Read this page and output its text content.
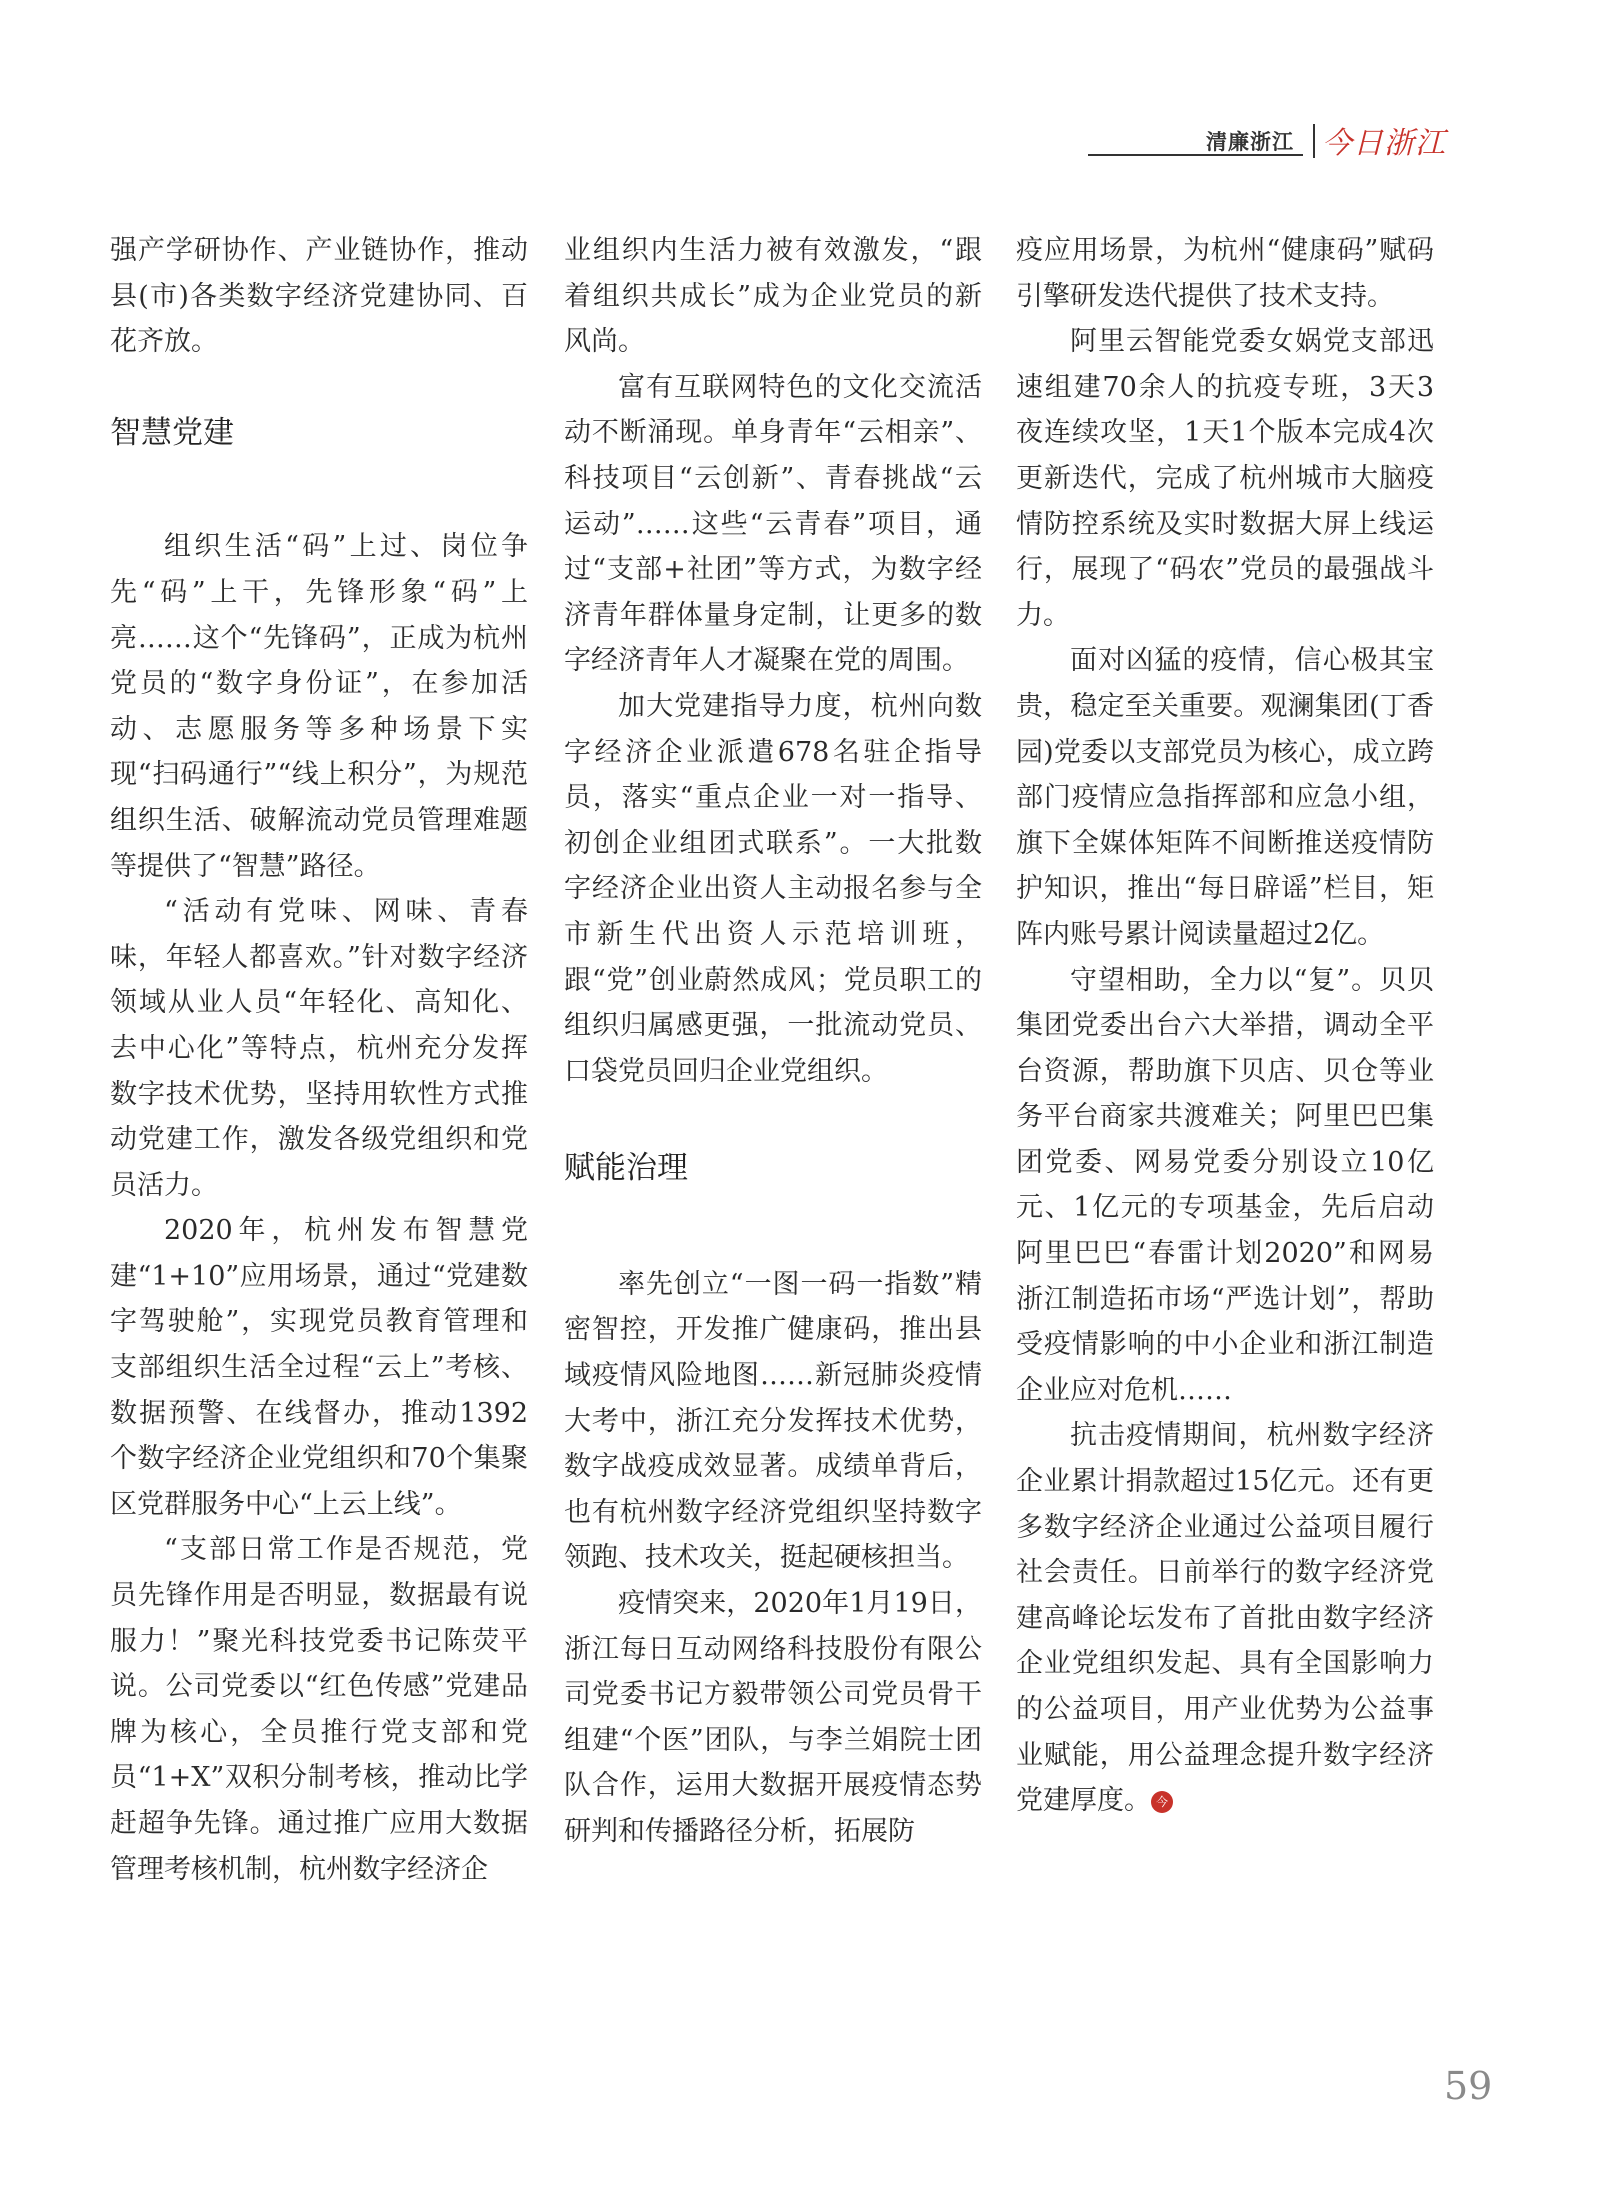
清廉浙江 今日浙江

强产学研协作、产业链协作，推动县(市)各类数字经济党建协同、百花齐放。

智慧党建

组织生活“码”上过、岗位争先“码”上干，先锋形象“码”上亮……这个“先锋码”，正成为杭州党员的“数字身份证”，在参加活动、志愿服务等多种场景下实现“扫码通行”“线上积分”，为规范组织生活、破解流动党员管理难题等提供了“智慧”路径。

“活动有党味、网味、青春味，年轻人都喜欢。”针对数字经济领域从业人员“年轻化、高知化、去中心化”等特点，杭州充分发挥数字技术优势，坚持用软性方式推动党建工作，激发各级党组织和党员活力。

2020年，杭州发布智慧党建“1+10”应用场景，通过“党建数字驾驶舱”，实现党员教育管理和支部组织生活全过程“云上”考核、数据预警、在线督办，推动1392个数字经济企业党组织和70个集聚区党群服务中心“上云上线”。

“支部日常工作是否规范，党员先锋作用是否明显，数据最有说服力！”聚光科技党委书记陈荧平说。公司党委以“红色传感”党建品牌为核心，全员推行党支部和党员“1+X”双积分制考核，推动比学赶超争先锋。通过推广应用大数据管理考核机制，杭州数字经济企

业组织内生活力被有效激发，“跟着组织共成长”成为企业党员的新风尚。

富有互联网特色的文化交流活动不断涌现。单身青年“云相亲”、科技项目“云创新”、青春挑战“云运动”……这些“云青春”项目，通过“支部+社团”等方式，为数字经济青年群体量身定制，让更多的数字经济青年人才凝聚在党的周围。

加大党建指导力度，杭州向数字经济企业派遣678名驻企指导员，落实“重点企业一对一指导、初创企业组团式联系”。一大批数字经济企业出资人主动报名参与全市新生代出资人示范培训班，跟“党”创业蔚然成风；党员职工的组织归属感更强，一批流动党员、口袋党员回归企业党组织。

赋能治理

率先创立“一图一码一指数”精密智控，开发推广健康码，推出县域疫情风险地图……新冠肺炎疫情大考中，浙江充分发挥技术优势，数字战疫成效显著。成绩单背后，也有杭州数字经济党组织坚持数字领跑、技术攻关，挺起硬核担当。

疫情突来，2020年1月19日，浙江每日互动网络科技股份有限公司党委书记方毅带领公司党员骨干组建“个医”团队，与李兰娟院士团队合作，运用大数据开展疫情态势研判和传播路径分析，拓展防

疫应用场景，为杭州“健康码”赋码引擎研发迭代提供了技术支持。

阿里云智能党委女娲党支部迅速组建70余人的抗疫专班，3天3夜连续攻坚，1天1个版本完成4次更新迭代，完成了杭州城市大脑疫情防控系统及实时数据大屏上线运行，展现了“码农”党员的最强战斗力。

面对凶猛的疫情，信心极其宝贵，稳定至关重要。观澜集团(丁香园)党委以支部党员为核心，成立跨部门疫情应急指挥部和应急小组，旗下全媒体矩阵不间断推送疫情防护知识，推出“每日辟谣”栏目，矩阵内账号累计阅读量超过2亿。

守望相助，全力以“复”。贝贝集团党委出台六大举措，调动全平台资源，帮助旗下贝店、贝仓等业务平台商家共渡难关；阿里巴巴集团党委、网易党委分别设立10亿元、1亿元的专项基金，先后启动阿里巴巴“春雷计划2020”和网易浙江制造拓市场“严选计划”，帮助受疫情影响的中小企业和浙江制造企业应对危机……

抗击疫情期间，杭州数字经济企业累计捐款超过15亿元。还有更多数字经济企业通过公益项目履行社会责任。日前举行的数字经济党建高峰论坛发布了首批由数字经济企业党组织发起、具有全国影响力的公益项目，用产业优势为公益事业赋能，用公益理念提升数字经济党建厚度。 今

59
